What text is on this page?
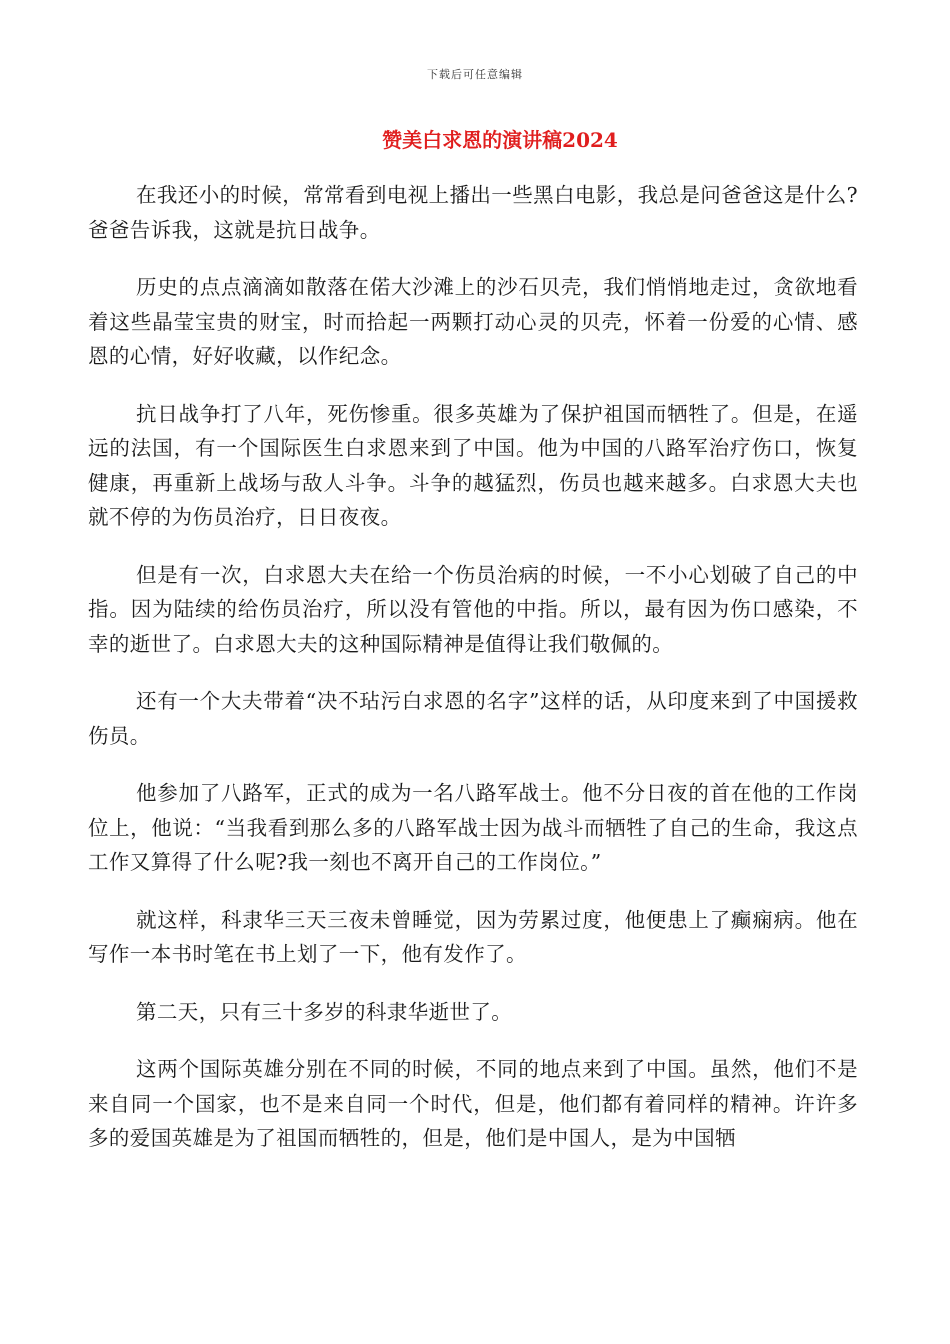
下载后可任意编辑
赞美白求恩的演讲稿2024

在我还小的时候，常常看到电视上播出一些黑白电影，我总是问爸爸这是什么?爸爸告诉我，这就是抗日战争。

历史的点点滴滴如散落在偌大沙滩上的沙石贝壳，我们悄悄地走过，贪欲地看着这些晶莹宝贵的财宝，时而拾起一两颗打动心灵的贝壳，怀着一份爱的心情、感恩的心情，好好收藏，以作纪念。

抗日战争打了八年，死伤惨重。很多英雄为了保护祖国而牺牲了。但是，在遥远的法国，有一个国际医生白求恩来到了中国。他为中国的八路军治疗伤口，恢复健康，再重新上战场与敌人斗争。斗争的越猛烈，伤员也越来越多。白求恩大夫也就不停的为伤员治疗，日日夜夜。

但是有一次，白求恩大夫在给一个伤员治病的时候，一不小心划破了自己的中指。因为陆续的给伤员治疗，所以没有管他的中指。所以，最有因为伤口感染，不幸的逝世了。白求恩大夫的这种国际精神是值得让我们敬佩的。

还有一个大夫带着“决不玷污白求恩的名字”这样的话，从印度来到了中国援救伤员。

他参加了八路军，正式的成为一名八路军战士。他不分日夜的首在他的工作岗位上，他说：“当我看到那么多的八路军战士因为战斗而牺牲了自己的生命，我这点工作又算得了什么呢?我一刻也不离开自己的工作岗位。”

就这样，科隶华三天三夜未曾睡觉，因为劳累过度，他便患上了癫痫病。他在写作一本书时笔在书上划了一下，他有发作了。

第二天，只有三十多岁的科隶华逝世了。

这两个国际英雄分别在不同的时候，不同的地点来到了中国。虽然，他们不是来自同一个国家，也不是来自同一个时代，但是，他们都有着同样的精神。许许多多的爱国英雄是为了祖国而牺牲的，但是，他们是中国人，是为中国牺
